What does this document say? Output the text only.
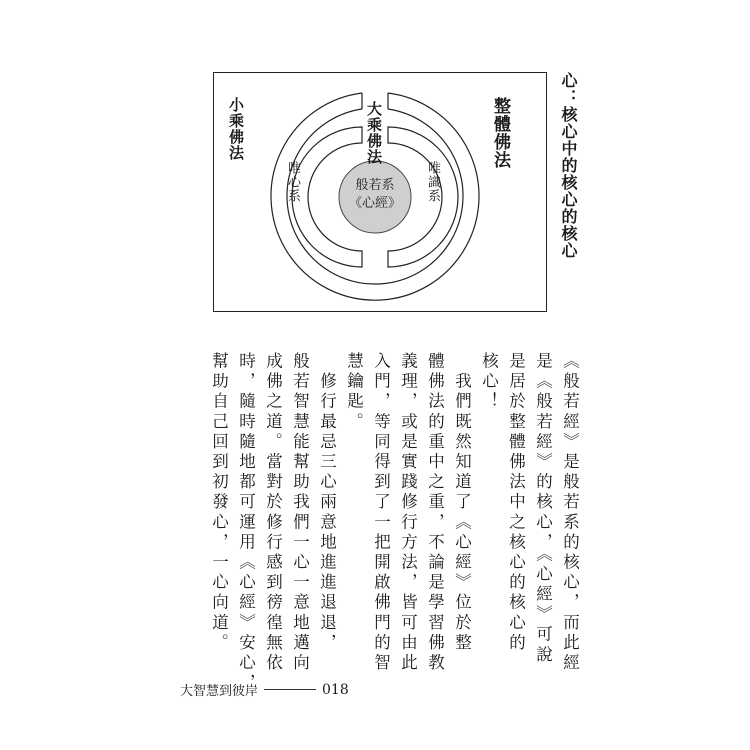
心：核心中的核心的核心
小乘佛法	大乘佛法	整體佛法
唯心系	唯識系
般若系
《心經》
《般若經》是般若系的核心，而此經
是《般若經》的核心，《心經》可說
是居於整體佛法中之核心的核心的
核心！
　我們既然知道了《心經》位於整
體佛法的重中之重，不論是學習佛教
義理，或是實踐修行方法，皆可由此
入門，等同得到了一把開啟佛門的智
慧鑰匙。
　修行最忌三心兩意地進進退退，
般若智慧能幫助我們一心一意地邁向
成佛之道。當對於修行感到徬徨無依
時，隨時隨地都可運用《心經》安心，
幫助自己回到初發心，一心向道。
大智慧到彼岸	018
